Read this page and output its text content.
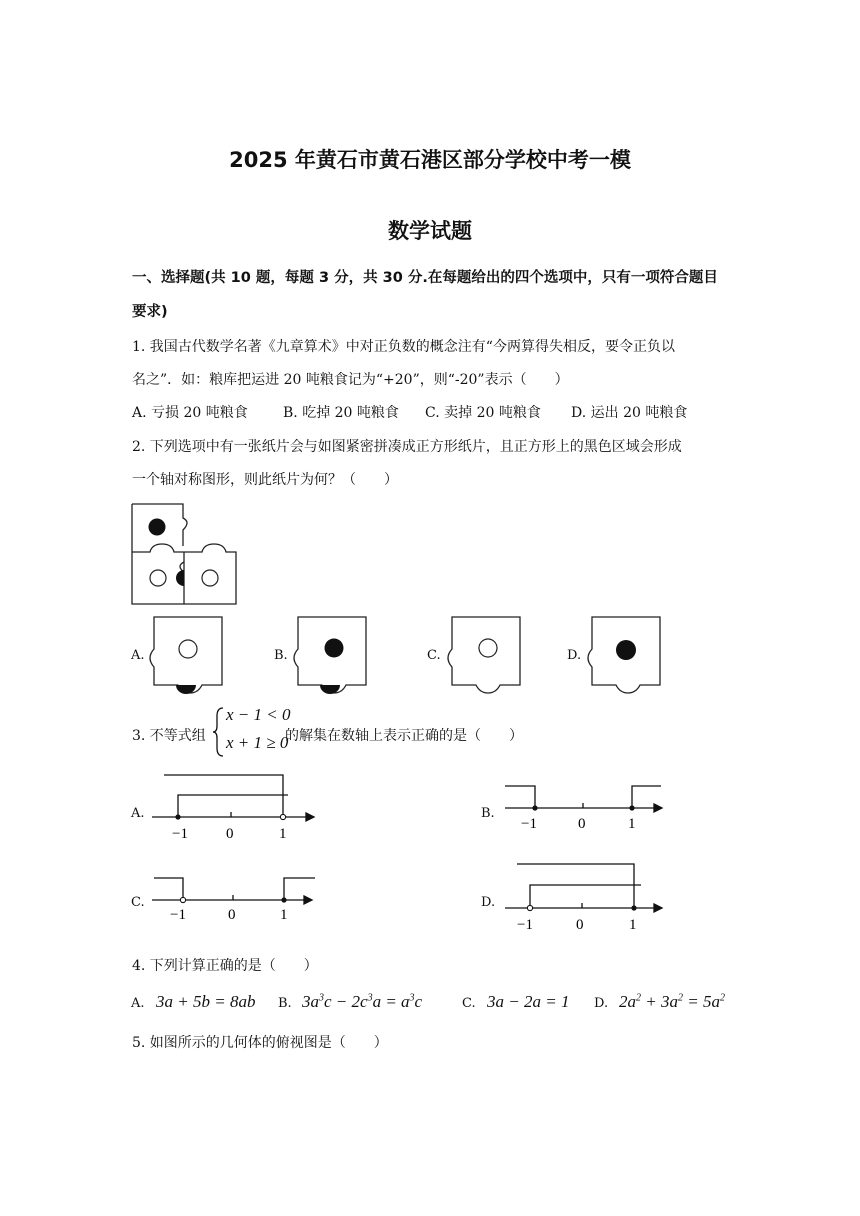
2025 年黄石市黄石港区部分学校中考一模
数学试题
一、选择题(共 10 题，每题 3 分，共 30 分.在每题给出的四个选项中，只有一项符合题目
要求)
1. 我国古代数学名著《九章算术》中对正负数的概念注有“今两算得失相反，要令正负以
名之”．如：粮库把运进 20 吨粮食记为“+20”，则“-20”表示（　　）
A. 亏损 20 吨粮食	B. 吃掉 20 吨粮食 C. 卖掉 20 吨粮食 D. 运出 20 吨粮食
2. 下列选项中有一张纸片会与如图紧密拼凑成正方形纸片，且正方形上的黑色区域会形成
一个轴对称图形，则此纸片为何？（　　）
A.	B.	C.	D.
3. 不等式组
x − 1 < 0
x + 1 ≥ 0
的解集在数轴上表示正确的是（　　）
A.
−1	0	1
B.
−1	0	1
C.
−1	0	1
D.
−1	0	1
4. 下列计算正确的是（　　）
A. 3a + 5b = 8ab B. $3a^3c - 2c^3a = a^3c$	C. 3a − 2a = 1 D. $2a^2 + 3a^2 = 5a^2$
5. 如图所示的几何体的俯视图是（　　）
